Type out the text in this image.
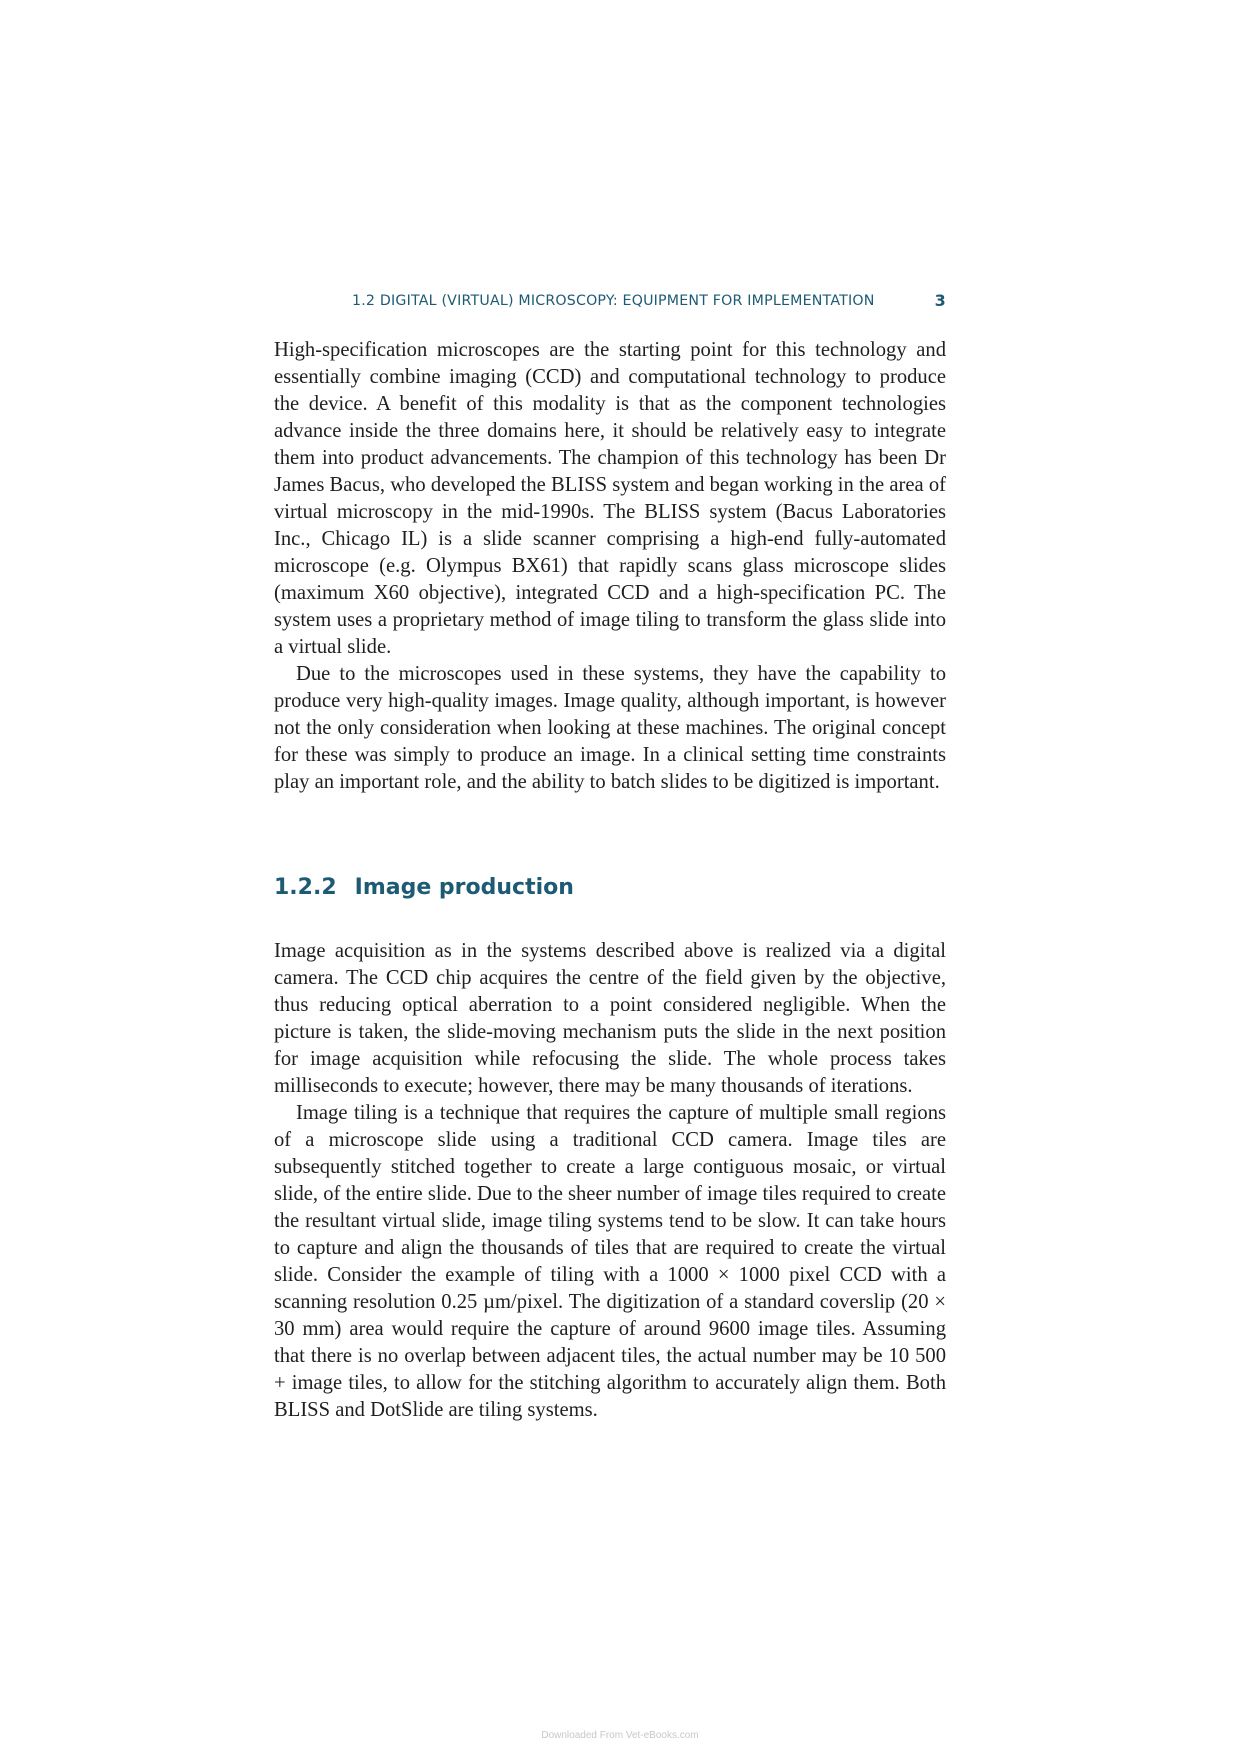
1.2 DIGITAL (VIRTUAL) MICROSCOPY: EQUIPMENT FOR IMPLEMENTATION	3

High-specification microscopes are the starting point for this technology and essentially combine imaging (CCD) and computational technology to produce the device. A benefit of this modality is that as the component technologies advance inside the three domains here, it should be relatively easy to integrate them into product advancements. The champion of this technology has been Dr James Bacus, who developed the BLISS system and began working in the area of virtual microscopy in the mid-1990s. The BLISS system (Bacus Laboratories Inc., Chicago IL) is a slide scanner comprising a high-end fully-automated microscope (e.g. Olympus BX61) that rapidly scans glass microscope slides (maximum X60 objective), integrated CCD and a high-specification PC. The system uses a proprietary method of image tiling to transform the glass slide into a virtual slide.

Due to the microscopes used in these systems, they have the capability to produce very high-quality images. Image quality, although important, is however not the only consideration when looking at these machines. The original concept for these was simply to produce an image. In a clinical setting time constraints play an important role, and the ability to batch slides to be digitized is important.

1.2.2 Image production

Image acquisition as in the systems described above is realized via a digital camera. The CCD chip acquires the centre of the field given by the objective, thus reducing optical aberration to a point considered negligible. When the picture is taken, the slide-moving mechanism puts the slide in the next position for image acquisition while refocusing the slide. The whole process takes milliseconds to execute; however, there may be many thousands of iterations.

Image tiling is a technique that requires the capture of multiple small regions of a microscope slide using a traditional CCD camera. Image tiles are subsequently stitched together to create a large contiguous mosaic, or virtual slide, of the entire slide. Due to the sheer number of image tiles required to create the resultant virtual slide, image tiling systems tend to be slow. It can take hours to capture and align the thousands of tiles that are required to create the virtual slide. Consider the example of tiling with a 1000 × 1000 pixel CCD with a scanning resolution 0.25 µm/pixel. The digitization of a standard coverslip (20 × 30 mm) area would require the capture of around 9600 image tiles. Assuming that there is no overlap between adjacent tiles, the actual number may be 10 500 + image tiles, to allow for the stitching algorithm to accurately align them. Both BLISS and DotSlide are tiling systems.

Downloaded From Vet-eBooks.com
